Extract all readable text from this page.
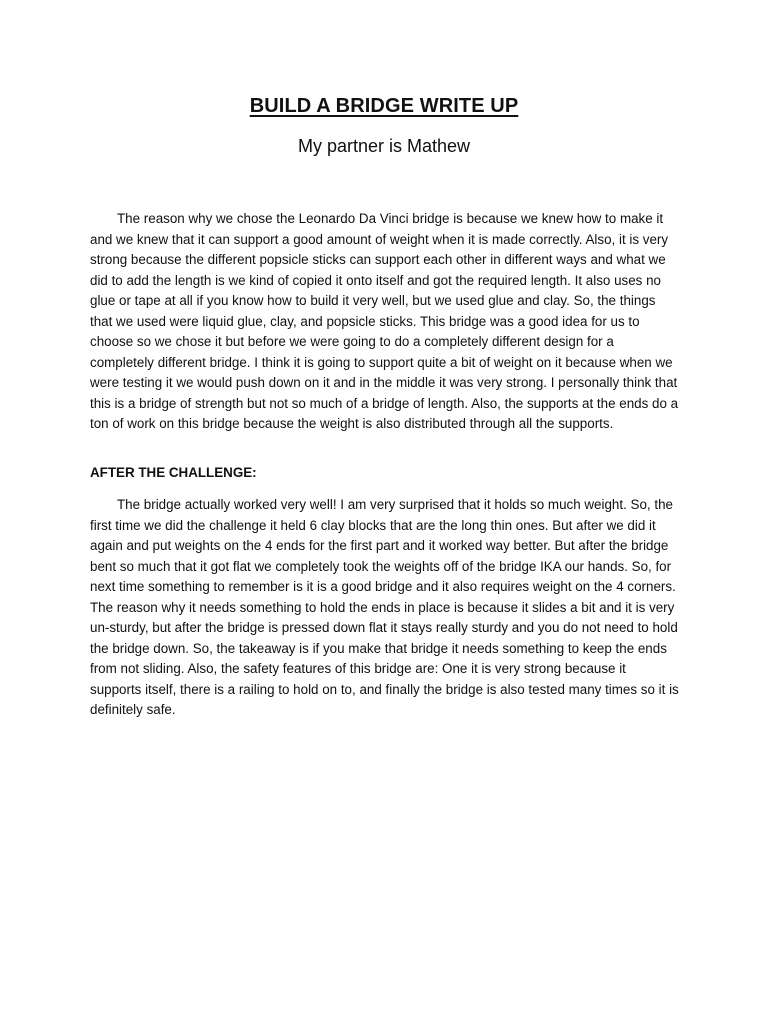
BUILD A BRIDGE WRITE UP
My partner is Mathew

The reason why we chose the Leonardo Da Vinci bridge is because we knew how to make it and we knew that it can support a good amount of weight when it is made correctly. Also, it is very strong because the different popsicle sticks can support each other in different ways and what we did to add the length is we kind of copied it onto itself and got the required length. It also uses no glue or tape at all if you know how to build it very well, but we used glue and clay. So, the things that we used were liquid glue, clay, and popsicle sticks. This bridge was a good idea for us to choose so we chose it but before we were going to do a completely different design for a completely different bridge. I think it is going to support quite a bit of weight on it because when we were testing it we would push down on it and in the middle it was very strong. I personally think that this is a bridge of strength but not so much of a bridge of length. Also, the supports at the ends do a ton of work on this bridge because the weight is also distributed through all the supports.

AFTER THE CHALLENGE:

The bridge actually worked very well! I am very surprised that it holds so much weight. So, the first time we did the challenge it held 6 clay blocks that are the long thin ones. But after we did it again and put weights on the 4 ends for the first part and it worked way better. But after the bridge bent so much that it got flat we completely took the weights off of the bridge IKA our hands. So, for next time something to remember is it is a good bridge and it also requires weight on the 4 corners. The reason why it needs something to hold the ends in place is because it slides a bit and it is very un-sturdy, but after the bridge is pressed down flat it stays really sturdy and you do not need to hold the bridge down. So, the takeaway is if you make that bridge it needs something to keep the ends from not sliding. Also, the safety features of this bridge are: One it is very strong because it supports itself, there is a railing to hold on to, and finally the bridge is also tested many times so it is definitely safe.
